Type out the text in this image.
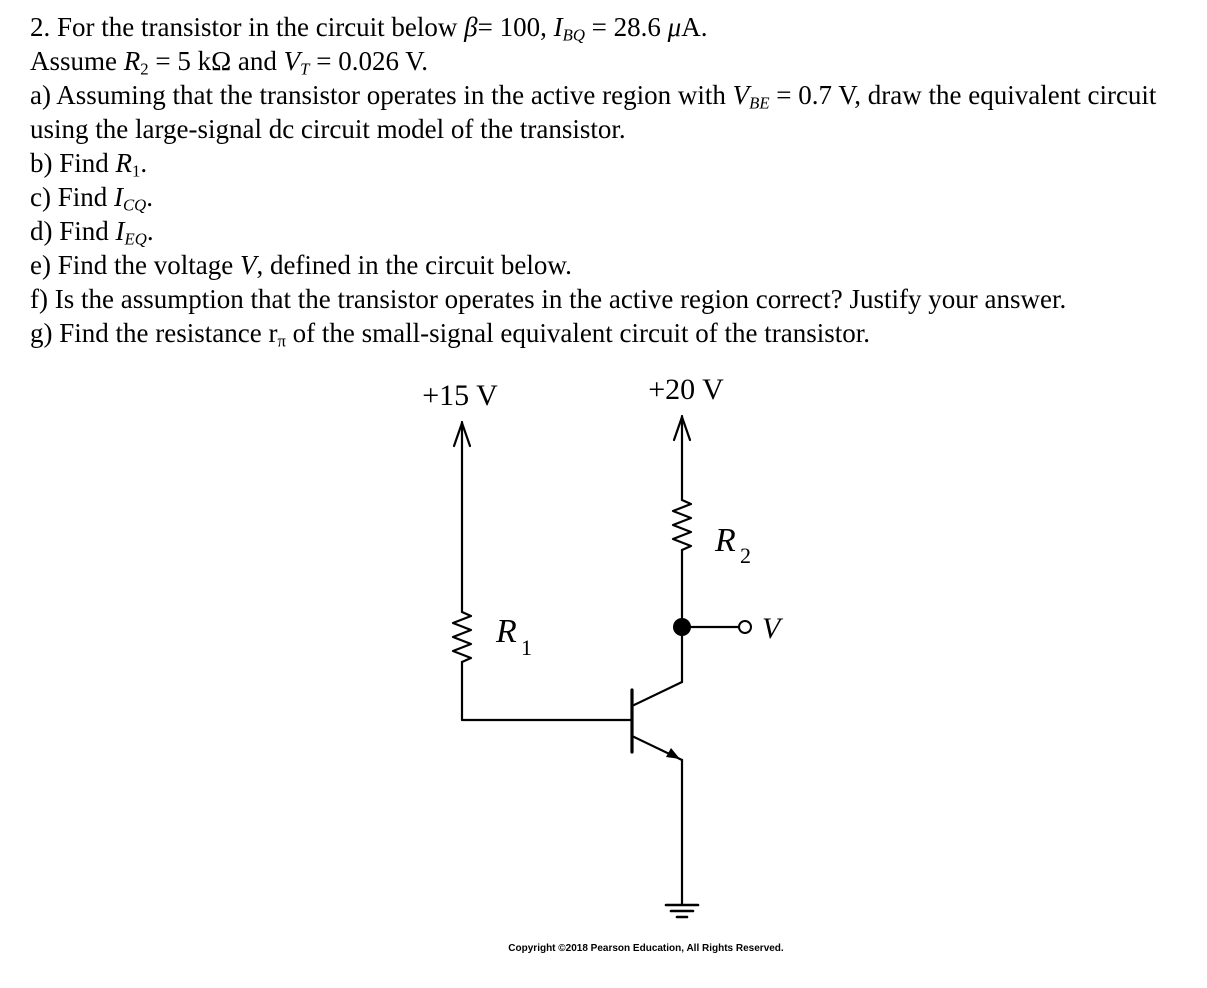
2. For the transistor in the circuit below β= 100, $I_{BQ} = 28.6$ μA.
Assume $R_2 = 5$ kΩ and $V_T = 0.026$ V.
a) Assuming that the transistor operates in the active region with $V_{BE} = 0.7$ V, draw the equivalent circuit using the large-signal dc circuit model of the transistor.
b) Find $R_1$.
c) Find $I_{CQ}$.
d) Find $I_{EQ}$.
e) Find the voltage V, defined in the circuit below.
f) Is the assumption that the transistor operates in the active region correct? Justify your answer.
g) Find the resistance $r_\pi$ of the small-signal equivalent circuit of the transistor.
+15 V	+20 V
R 1
R 2
V
Copyright ©2018 Pearson Education, All Rights Reserved.
